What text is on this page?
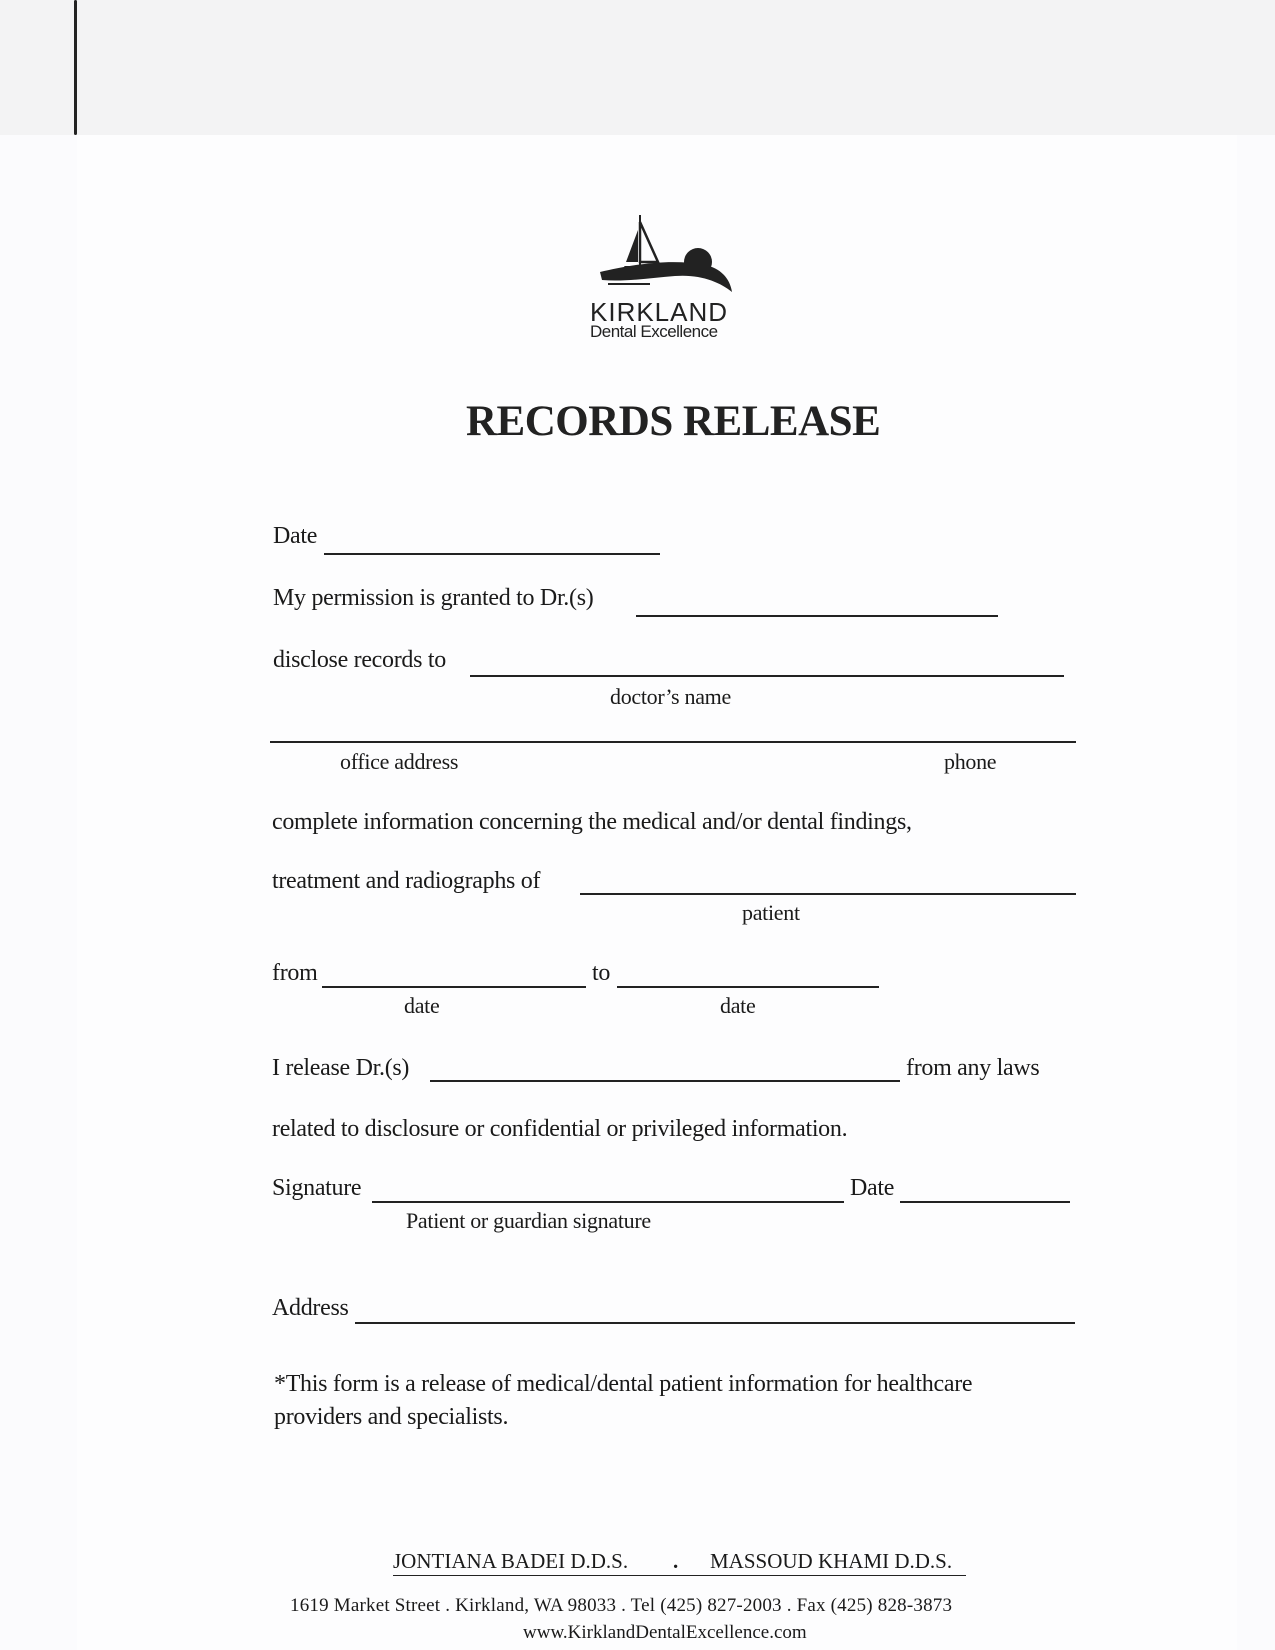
KIRKLAND
Dental Excellence
RECORDS RELEASE
Date
My permission is granted to Dr.(s)
disclose records to
doctor’s name
office address	phone
complete information concerning the medical and/or dental findings,
treatment and radiographs of
patient
from	to
date	date
I release Dr.(s)	from any laws
related to disclosure or confidential or privileged information.
Signature	Date
Patient or guardian signature
Address
*This form is a release of medical/dental patient information for healthcare
providers and specialists.
JONTIANA BADEI D.D.S. . MASSOUD KHAMI D.D.S.
1619 Market Street . Kirkland, WA 98033 . Tel (425) 827-2003 . Fax (425) 828-3873
www.KirklandDentalExcellence.com
